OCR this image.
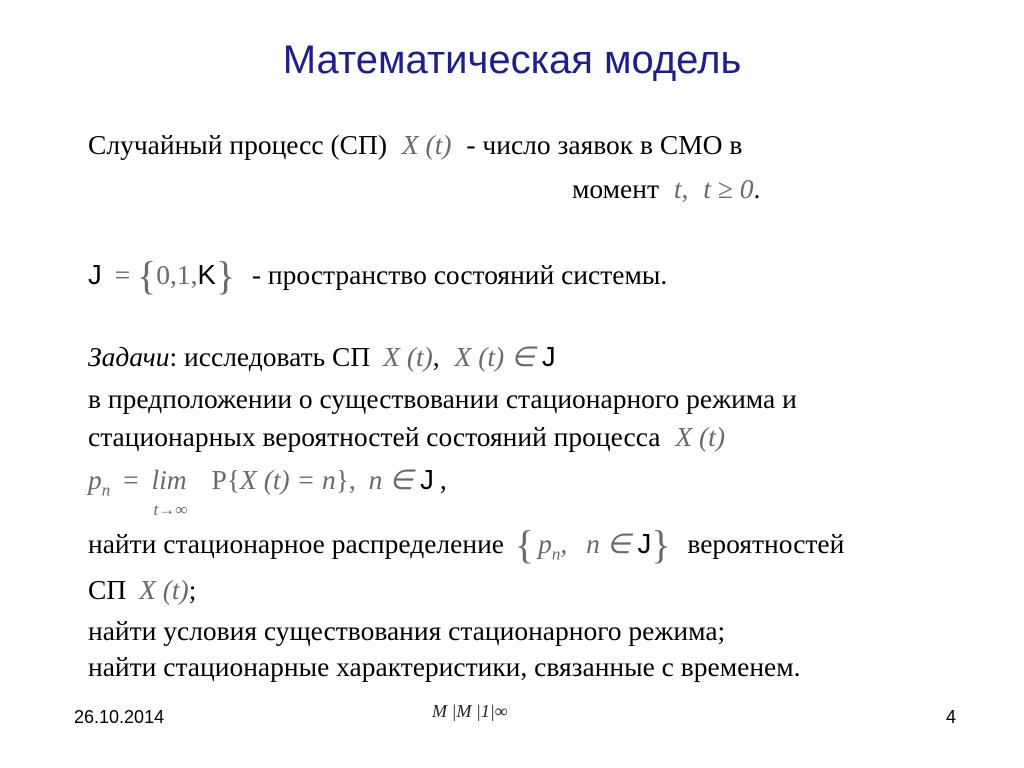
Математическая модель
Случайный процесс (СП) X (t) - число заявок в СМО в
момент t, t ≥ 0.
J = {0,1,K} - пространство состояний системы.
Задачи: исследовать СП X (t), X (t) ∈ J
в предположении о существовании стационарного режима и
стационарных вероятностей состояний процесса X (t)
$p_n = \lim$
t→∞
P{X (t) = n}, n ∈ J ,
найти стационарное распределение { $p_n$, n ∈ J} вероятностей
СП X (t);
найти условия существования стационарного режима;
найти стационарные характеристики, связанные с временем.
26.10.2014	M |M |1|∞	4
